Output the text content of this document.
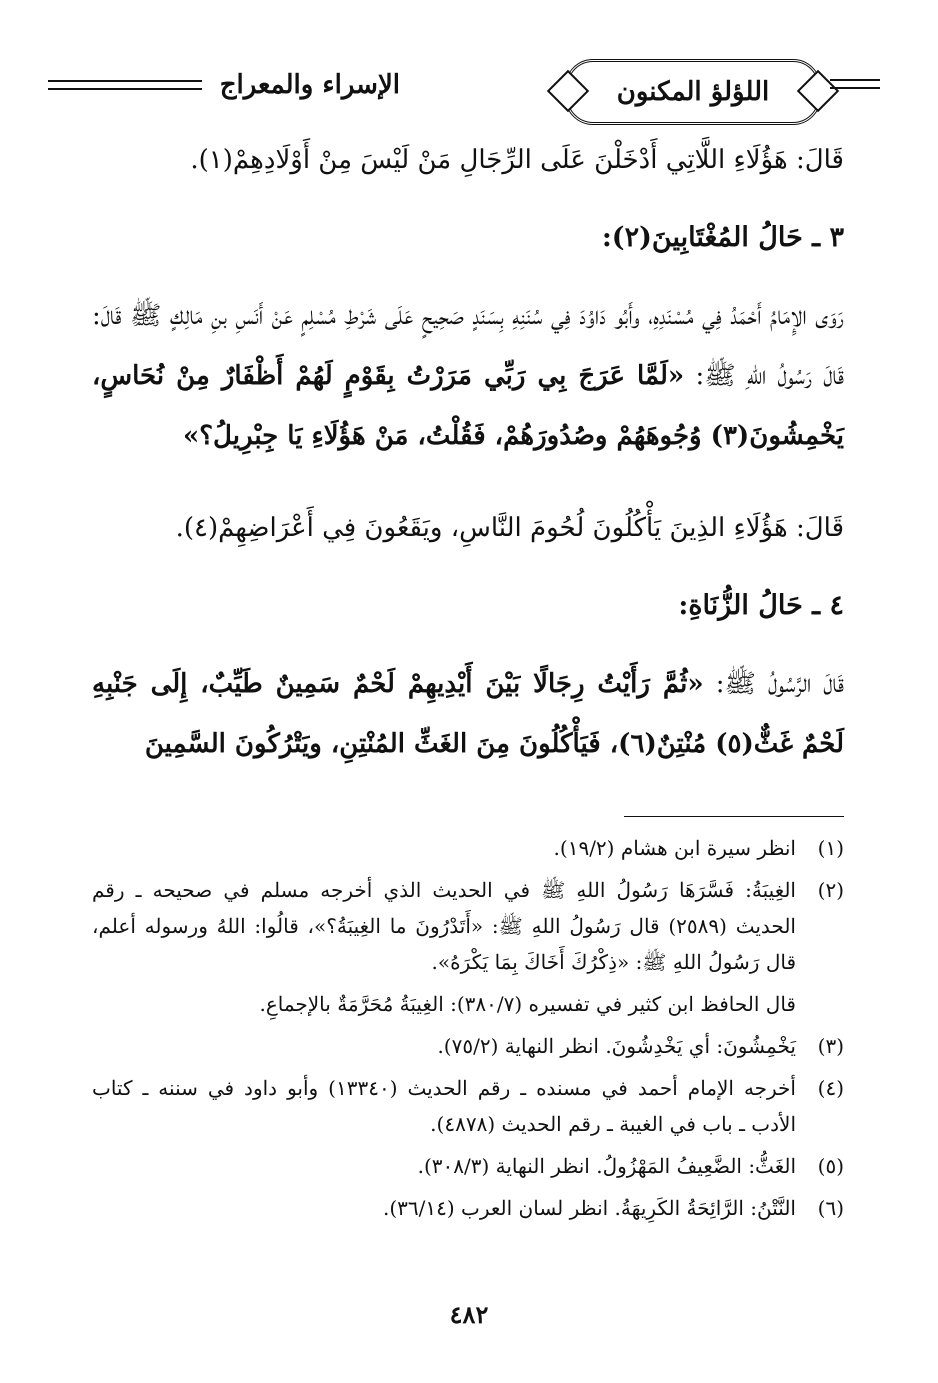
الإسراء والمعراج	اللؤلؤ المكنون

قَالَ: هَؤُلَاءِ اللَّاتِي أَدْخَلْنَ عَلَى الرِّجَالِ مَنْ لَيْسَ مِنْ أَوْلَادِهِمْ(١).

٣ ـ حَالُ المُغْتَابِينَ(٢):

رَوَى الإِمَامُ أَحْمَدُ فِي مُسْنَدِهِ، وأَبُو دَاوُدَ فِي سُنَنِهِ بِسَنَدٍ صَحِيحٍ عَلَى شَرْطِ مُسْلِمٍ عَنْ أَنَسِ بنِ مَالِكٍ ﷺ قَالَ: قَالَ رَسُولُ اللهِ ﷺ: «لَمَّا عَرَجَ بِي رَبِّي مَرَرْتُ بِقَوْمٍ لَهُمْ أَظْفَارٌ مِنْ نُحَاسٍ، يَخْمِشُونَ(٣) وُجُوهَهُمْ وصُدُورَهُمْ، فَقُلْتُ، مَنْ هَؤُلَاءِ يَا جِبْرِيلُ؟»

قَالَ: هَؤُلَاءِ الذِينَ يَأْكُلُونَ لُحُومَ النَّاسِ، ويَقَعُونَ فِي أَعْرَاضِهِمْ(٤).

٤ ـ حَالُ الزُّنَاةِ:

قَالَ الرَّسُولُ ﷺ: «ثُمَّ رَأَيْتُ رِجَالًا بَيْنَ أَيْدِيهِمْ لَحْمٌ سَمِينٌ طَيِّبٌ، إِلَى جَنْبِهِ لَحْمٌ غَثٌّ(٥) مُنْتِنٌ(٦)، فَيَأْكُلُونَ مِنَ الغَثِّ المُنْتِنِ، ويَتْرُكُونَ السَّمِينَ

(١)

انظر سيرة ابن هشام (١٩/٢).

(٢)

الغِيبَةُ: فَسَّرَهَا رَسُولُ اللهِ ﷺ في الحديث الذي أخرجه مسلم في صحيحه ـ رقم الحديث (٢٥٨٩) قال رَسُولُ اللهِ ﷺ: «أَتَدْرُونَ ما الغِيبَةُ؟»، قالُوا: اللهُ ورسوله أعلم، قال رَسُولُ اللهِ ﷺ: «ذِكْرُكَ أَخَاكَ بِمَا يَكْرَهُ».

قال الحافظ ابن كثير في تفسيره (٣٨٠/٧): الغِيبَةُ مُحَرَّمَةٌ بالإجماعِ.

(٣)

يَخْمِشُونَ: أي يَخْدِشُونَ. انظر النهاية (٧٥/٢).

(٤)

أخرجه الإمام أحمد في مسنده ـ رقم الحديث (١٣٣٤٠) وأبو داود في سننه ـ كتاب الأدب ـ باب في الغيبة ـ رقم الحديث (٤٨٧٨).

(٥)

الغَثُّ: الضَّعِيفُ المَهْزُولُ. انظر النهاية (٣٠٨/٣).

(٦)

النَّتْنُ: الرَّائِحَةُ الكَرِيهَةُ. انظر لسان العرب (٣٦/١٤).

٤٨٢
